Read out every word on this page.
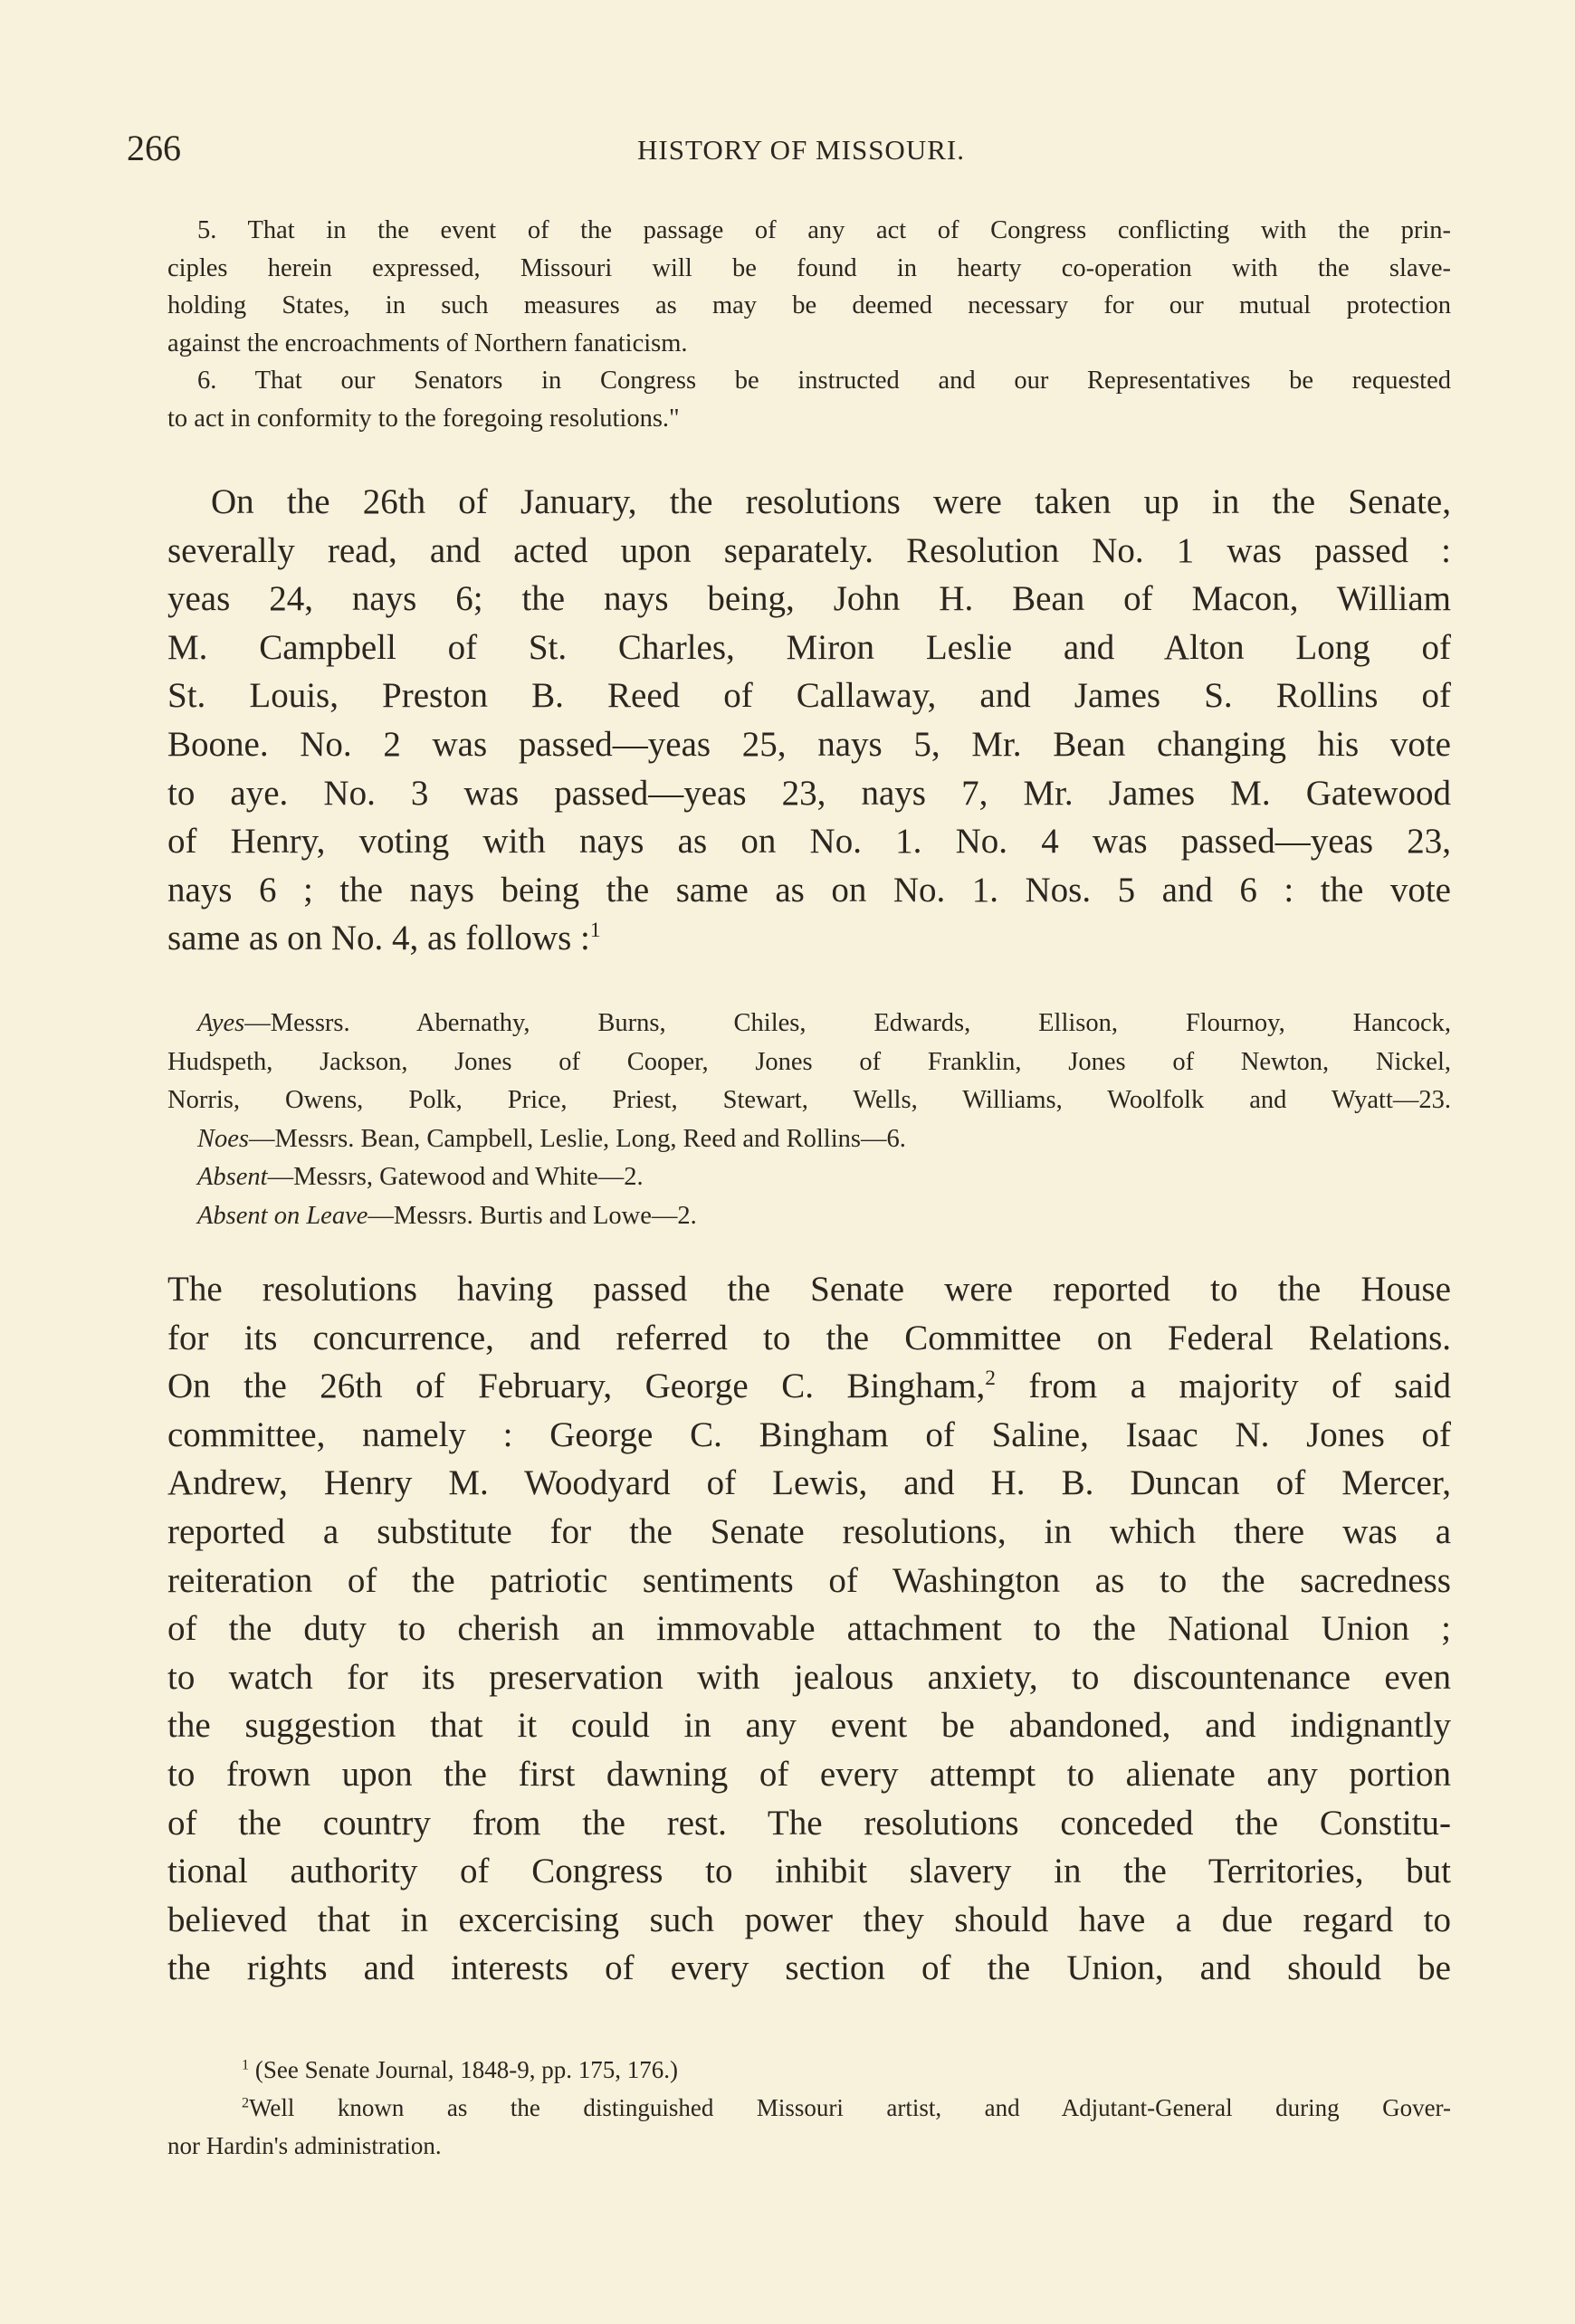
266	HISTORY OF MISSOURI.
5. That in the event of the passage of any act of Congress conflicting with the prin-
ciples herein expressed, Missouri will be found in hearty co-operation with the slave-
holding States, in such measures as may be deemed necessary for our mutual protection
against the encroachments of Northern fanaticism.
6. That our Senators in Congress be instructed and our Representatives be requested
to act in conformity to the foregoing resolutions."
On the 26th of January, the resolutions were taken up in the Senate,
severally read, and acted upon separately. Resolution No. 1 was passed :
yeas 24, nays 6; the nays being, John H. Bean of Macon, William
M. Campbell of St. Charles, Miron Leslie and Alton Long of
St. Louis, Preston B. Reed of Callaway, and James S. Rollins of
Boone. No. 2 was passed—yeas 25, nays 5, Mr. Bean changing his vote
to aye. No. 3 was passed—yeas 23, nays 7, Mr. James M. Gatewood
of Henry, voting with nays as on No. 1. No. 4 was passed—yeas 23,
nays 6 ; the nays being the same as on No. 1. Nos. 5 and 6 : the vote
same as on No. 4, as follows :$^1$
Ayes—Messrs. Abernathy, Burns, Chiles, Edwards, Ellison, Flournoy, Hancock,
Hudspeth, Jackson, Jones of Cooper, Jones of Franklin, Jones of Newton, Nickel,
Norris, Owens, Polk, Price, Priest, Stewart, Wells, Williams, Woolfolk and Wyatt—23.
Noes—Messrs. Bean, Campbell, Leslie, Long, Reed and Rollins—6.
Absent—Messrs, Gatewood and White—2.
Absent on Leave—Messrs. Burtis and Lowe—2.
The resolutions having passed the Senate were reported to the House
for its concurrence, and referred to the Committee on Federal Relations.
On the 26th of February, George C. Bingham,$^2$ from a majority of said
committee, namely : George C. Bingham of Saline, Isaac N. Jones of
Andrew, Henry M. Woodyard of Lewis, and H. B. Duncan of Mercer,
reported a substitute for the Senate resolutions, in which there was a
reiteration of the patriotic sentiments of Washington as to the sacredness
of the duty to cherish an immovable attachment to the National Union ;
to watch for its preservation with jealous anxiety, to discountenance even
the suggestion that it could in any event be abandoned, and indignantly
to frown upon the first dawning of every attempt to alienate any portion
of the country from the rest. The resolutions conceded the Constitu-
tional authority of Congress to inhibit slavery in the Territories, but
believed that in excercising such power they should have a due regard to
the rights and interests of every section of the Union, and should be
$^1$ (See Senate Journal, 1848-9, pp. 175, 176.)
$^2$Well known as the distinguished Missouri artist, and Adjutant-General during Gover-
nor Hardin's administration.
